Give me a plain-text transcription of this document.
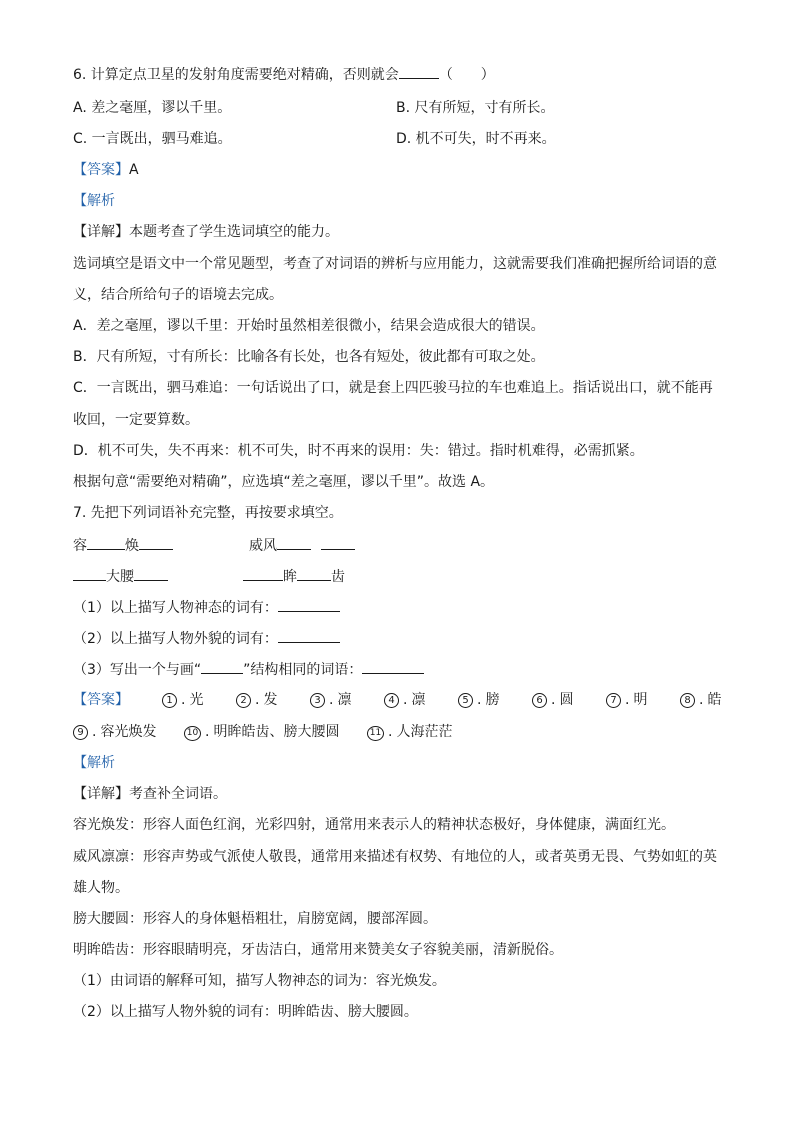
6. 计算定点卫星的发射角度需要绝对精确，否则就会	（　　）
A. 差之毫厘，谬以千里。	B. 尺有所短，寸有所长。
C. 一言既出，驷马难追。	D. 机不可失，时不再来。
【答案】A
【解析
【详解】本题考查了学生选词填空的能力。
选词填空是语文中一个常见题型，考查了对词语的辨析与应用能力，这就需要我们准确把握所给词语的意
义，结合所给句子的语境去完成。
A．差之毫厘，谬以千里：开始时虽然相差很微小，结果会造成很大的错误。
B．尺有所短，寸有所长：比喻各有长处，也各有短处，彼此都有可取之处。
C．一言既出，驷马难追：一句话说出了口，就是套上四匹骏马拉的车也难追上。指话说出口，就不能再
收回，一定要算数。
D．机不可失，失不再来：机不可失，时不再来的误用：失：错过。指时机难得，必需抓紧。
根据句意“需要绝对精确”，应选填“差之毫厘，谬以千里”。故选 A。
7. 先把下列词语补充完整，再按要求填空。
容	焕	威风
大腰	眸 齿
（1）以上描写人物神态的词有：
（2）以上描写人物外貌的词有：
（3）写出一个与画“	”结构相同的词语：
【答案】	1 . 光	2 . 发	3 . 凛	4 . 凛	5 . 膀	6 . 圆	7 . 明	8 . 皓
9 . 容光焕发	10 . 明眸皓齿、膀大腰圆	11 . 人海茫茫
【解析
【详解】考查补全词语。
容光焕发：形容人面色红润，光彩四射，通常用来表示人的精神状态极好，身体健康，满面红光。
威风凛凛：形容声势或气派使人敬畏，通常用来描述有权势、有地位的人，或者英勇无畏、气势如虹的英
雄人物。
膀大腰圆：形容人的身体魁梧粗壮，肩膀宽阔，腰部浑圆。
明眸皓齿：形容眼睛明亮，牙齿洁白，通常用来赞美女子容貌美丽，清新脱俗。
（1）由词语的解释可知，描写人物神态的词为：容光焕发。
（2）以上描写人物外貌的词有：明眸皓齿、膀大腰圆。
